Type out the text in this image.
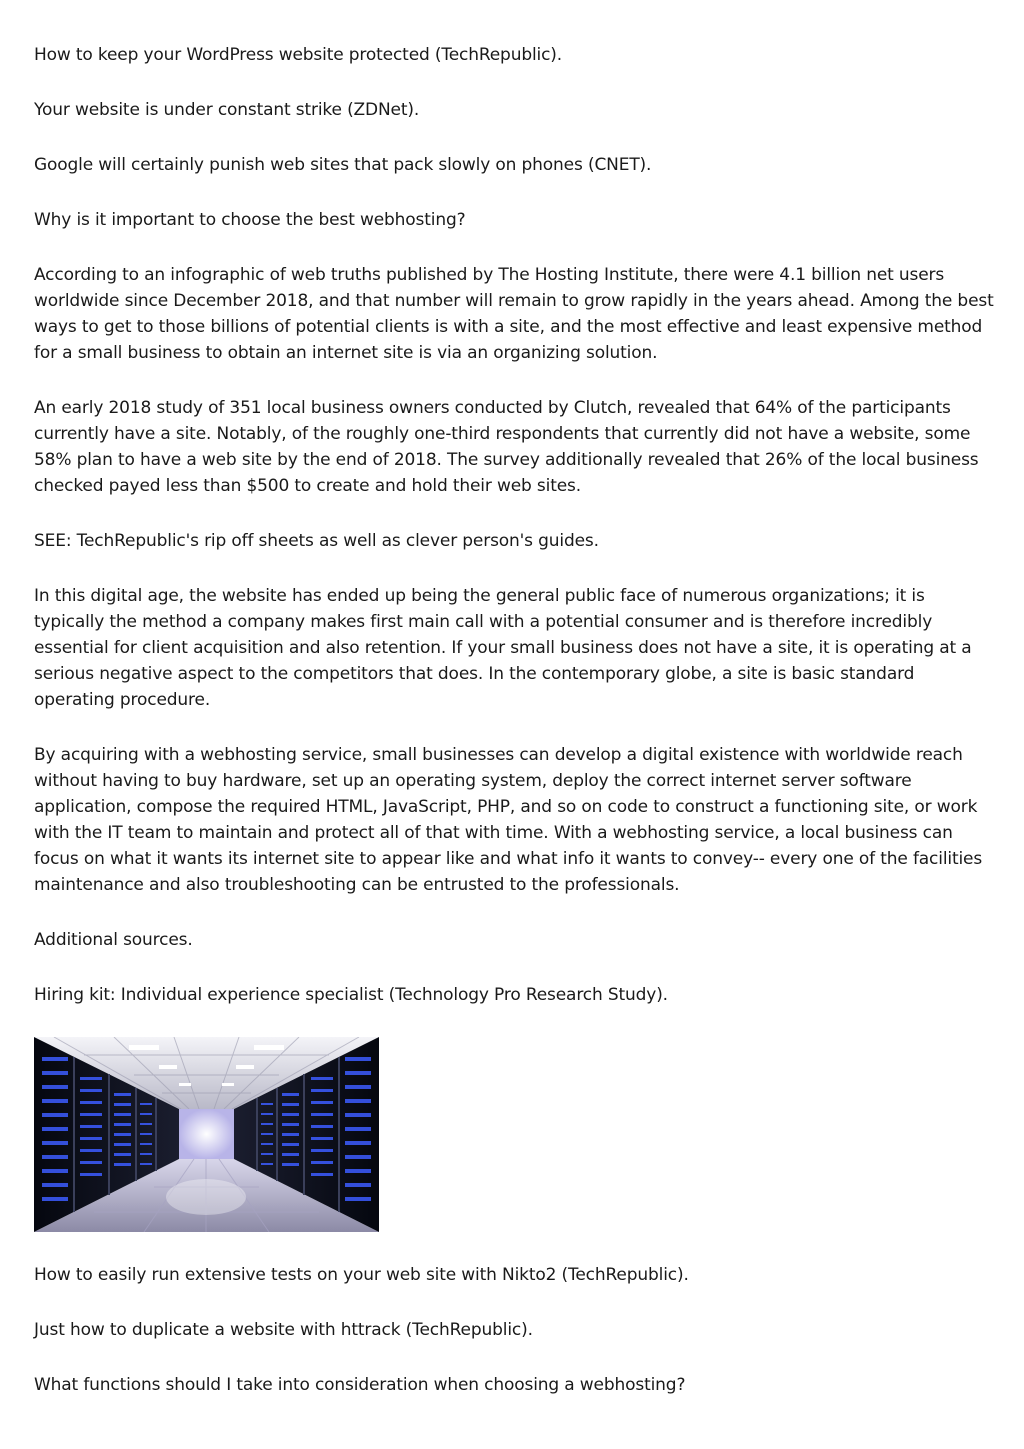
How to keep your WordPress website protected (TechRepublic).

Your website is under constant strike (ZDNet).

Google will certainly punish web sites that pack slowly on phones (CNET).

Why is it important to choose the best webhosting?

According to an infographic of web truths published by The Hosting Institute, there were 4.1 billion net users worldwide since December 2018, and that number will remain to grow rapidly in the years ahead. Among the best ways to get to those billions of potential clients is with a site, and the most effective and least expensive method for a small business to obtain an internet site is via an organizing solution.

An early 2018 study of 351 local business owners conducted by Clutch, revealed that 64% of the participants currently have a site. Notably, of the roughly one-third respondents that currently did not have a website, some 58% plan to have a web site by the end of 2018. The survey additionally revealed that 26% of the local business checked payed less than $500 to create and hold their web sites.

SEE: TechRepublic's rip off sheets as well as clever person's guides.

In this digital age, the website has ended up being the general public face of numerous organizations; it is typically the method a company makes first main call with a potential consumer and is therefore incredibly essential for client acquisition and also retention. If your small business does not have a site, it is operating at a serious negative aspect to the competitors that does. In the contemporary globe, a site is basic standard operating procedure.

By acquiring with a webhosting service, small businesses can develop a digital existence with worldwide reach without having to buy hardware, set up an operating system, deploy the correct internet server software application, compose the required HTML, JavaScript, PHP, and so on code to construct a functioning site, or work with the IT team to maintain and protect all of that with time. With a webhosting service, a local business can focus on what it wants its internet site to appear like and what info it wants to convey-- every one of the facilities maintenance and also troubleshooting can be entrusted to the professionals.

Additional sources.

Hiring kit: Individual experience specialist (Technology Pro Research Study).

How to easily run extensive tests on your web site with Nikto2 (TechRepublic).

Just how to duplicate a website with httrack (TechRepublic).

What functions should I take into consideration when choosing a webhosting?
